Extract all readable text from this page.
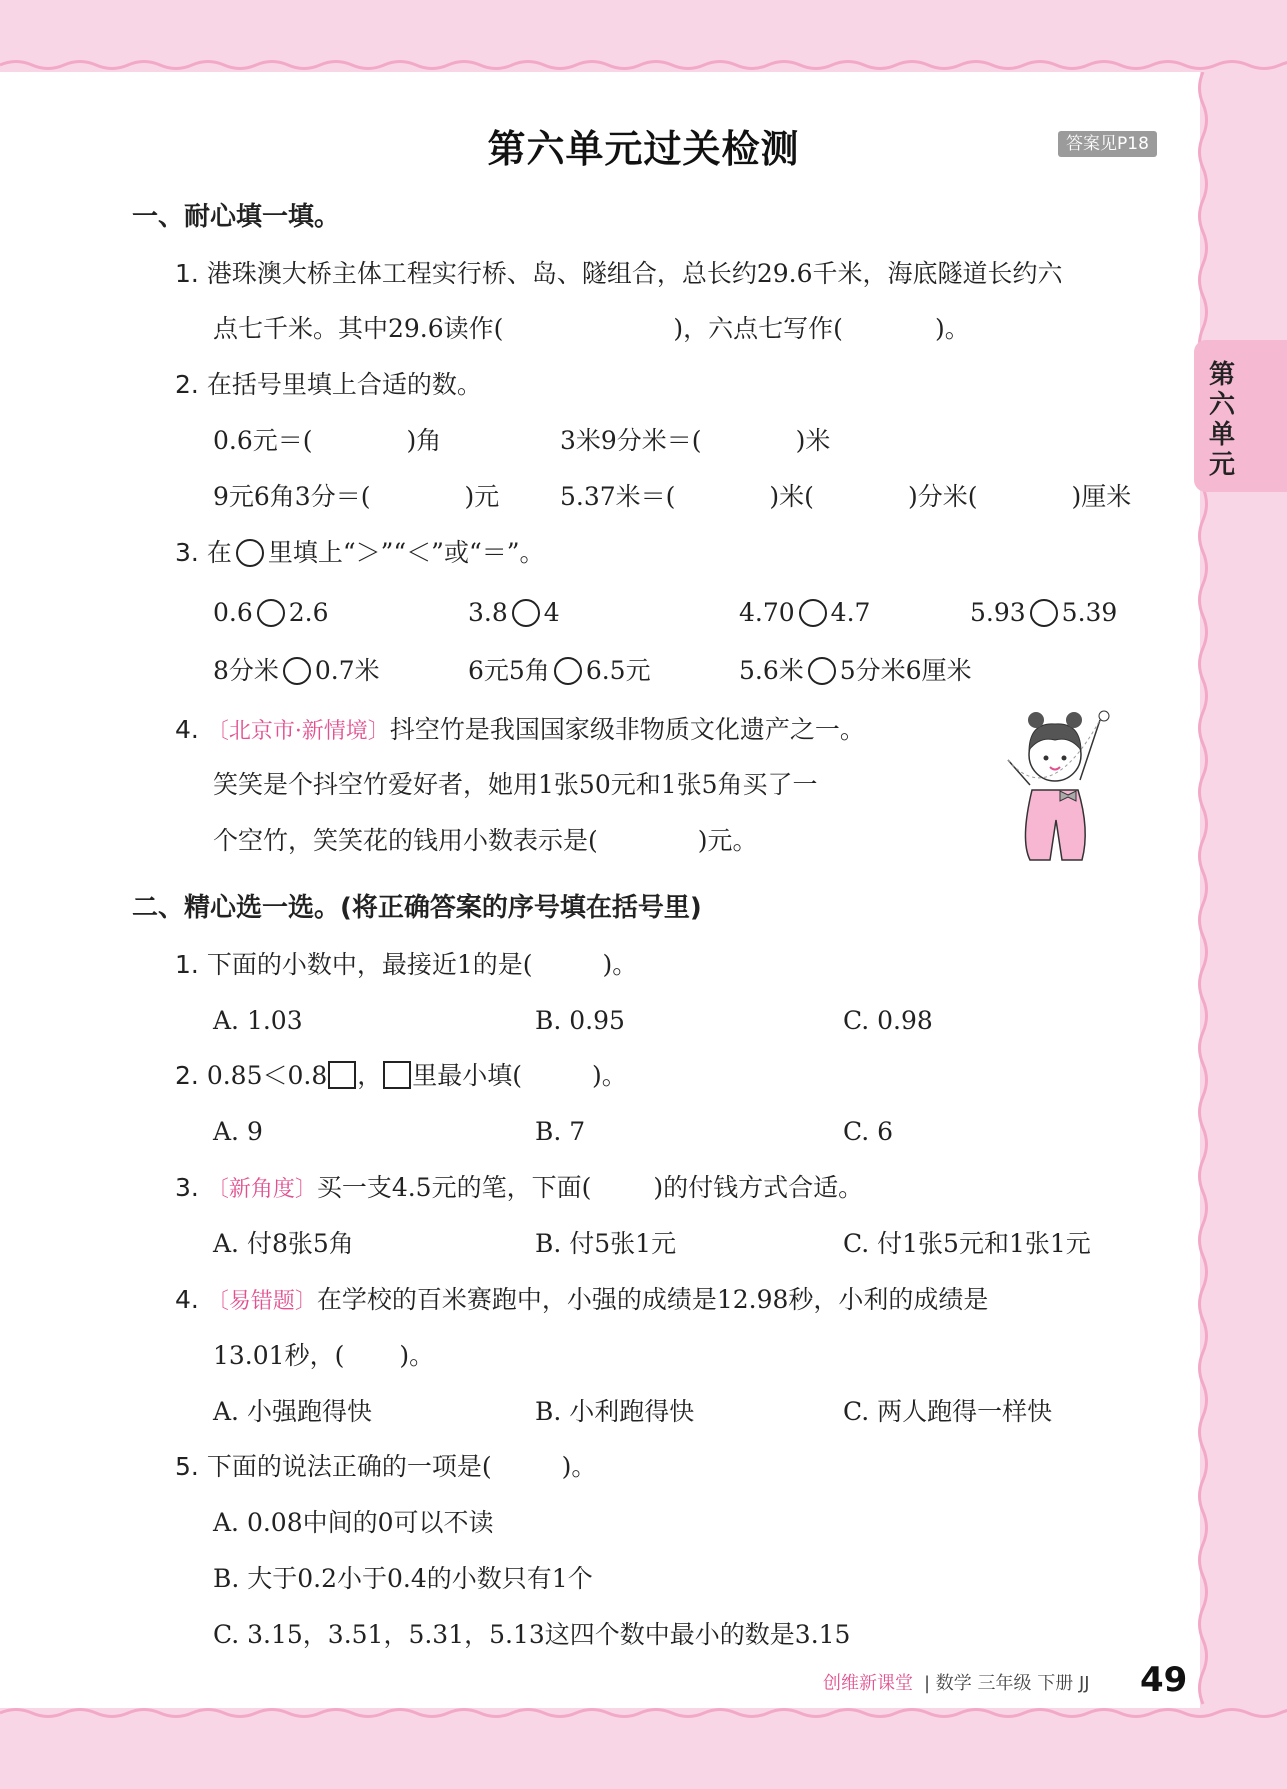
第六单元过关检测	答案见P18
第六单元
一、耐心填一填。
1. 港珠澳大桥主体工程实行桥、岛、隧组合，总长约29.6千米，海底隧道长约六
点七千米。其中29.6读作(	)，六点七写作(	)。
2. 在括号里填上合适的数。
0.6元＝(	)角	3米9分米＝(	)米
9元6角3分＝(	)元 5.37米＝(	)米(	)分米(	)厘米
3. 在 里填上“＞”“＜”或“＝”。
0.6 2.6	3.8 4	4.70 4.7	5.93 5.39
8分米 0.7米	6元5角 6.5元	5.6米 5分米6厘米
4. 〔北京市·新情境〕抖空竹是我国国家级非物质文化遗产之一。
笑笑是个抖空竹爱好者，她用1张50元和1张5角买了一
个空竹，笑笑花的钱用小数表示是(	)元。
二、精心选一选。(将正确答案的序号填在括号里)
1. 下面的小数中，最接近1的是(	)。
A. 1.03	B. 0.95	C. 0.98
2. 0.85＜0.8 ， 里最小填(	)。
A. 9	B. 7	C. 6
3. 〔新角度〕买一支4.5元的笔，下面( )的付钱方式合适。
A. 付8张5角	B. 付5张1元	C. 付1张5元和1张1元
4. 〔易错题〕在学校的百米赛跑中，小强的成绩是12.98秒，小利的成绩是
13.01秒，( )。
A. 小强跑得快	B. 小利跑得快	C. 两人跑得一样快
5. 下面的说法正确的一项是(	)。
A. 0.08中间的0可以不读
B. 大于0.2小于0.4的小数只有1个
C. 3.15，3.51，5.31，5.13这四个数中最小的数是3.15
创维新课堂 | 数学 三年级 下册 JJ 49
